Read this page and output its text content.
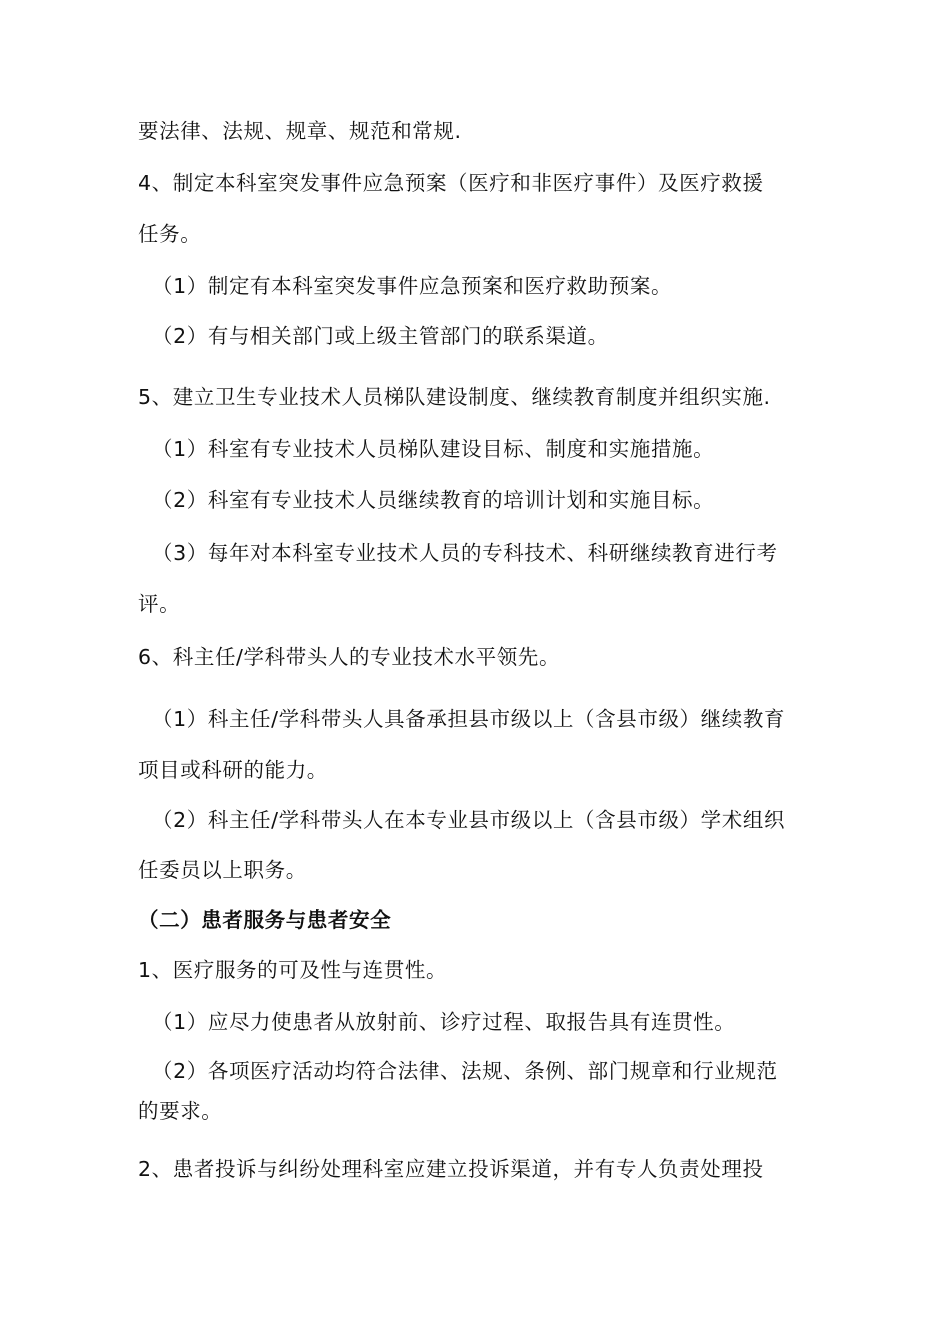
要法律、法规、规章、规范和常规.
4、制定本科室突发事件应急预案（医疗和非医疗事件）及医疗救援
任务。
（1）制定有本科室突发事件应急预案和医疗救助预案。
（2）有与相关部门或上级主管部门的联系渠道。
5、建立卫生专业技术人员梯队建设制度、继续教育制度并组织实施.
（1）科室有专业技术人员梯队建设目标、制度和实施措施。
（2）科室有专业技术人员继续教育的培训计划和实施目标。
（3）每年对本科室专业技术人员的专科技术、科研继续教育进行考
评。
6、科主任/学科带头人的专业技术水平领先。
（1）科主任/学科带头人具备承担县市级以上（含县市级）继续教育
项目或科研的能力。
（2）科主任/学科带头人在本专业县市级以上（含县市级）学术组织
任委员以上职务。
（二）患者服务与患者安全
1、医疗服务的可及性与连贯性。
（1）应尽力使患者从放射前、诊疗过程、取报告具有连贯性。
（2）各项医疗活动均符合法律、法规、条例、部门规章和行业规范
的要求。
2、患者投诉与纠纷处理科室应建立投诉渠道，并有专人负责处理投
